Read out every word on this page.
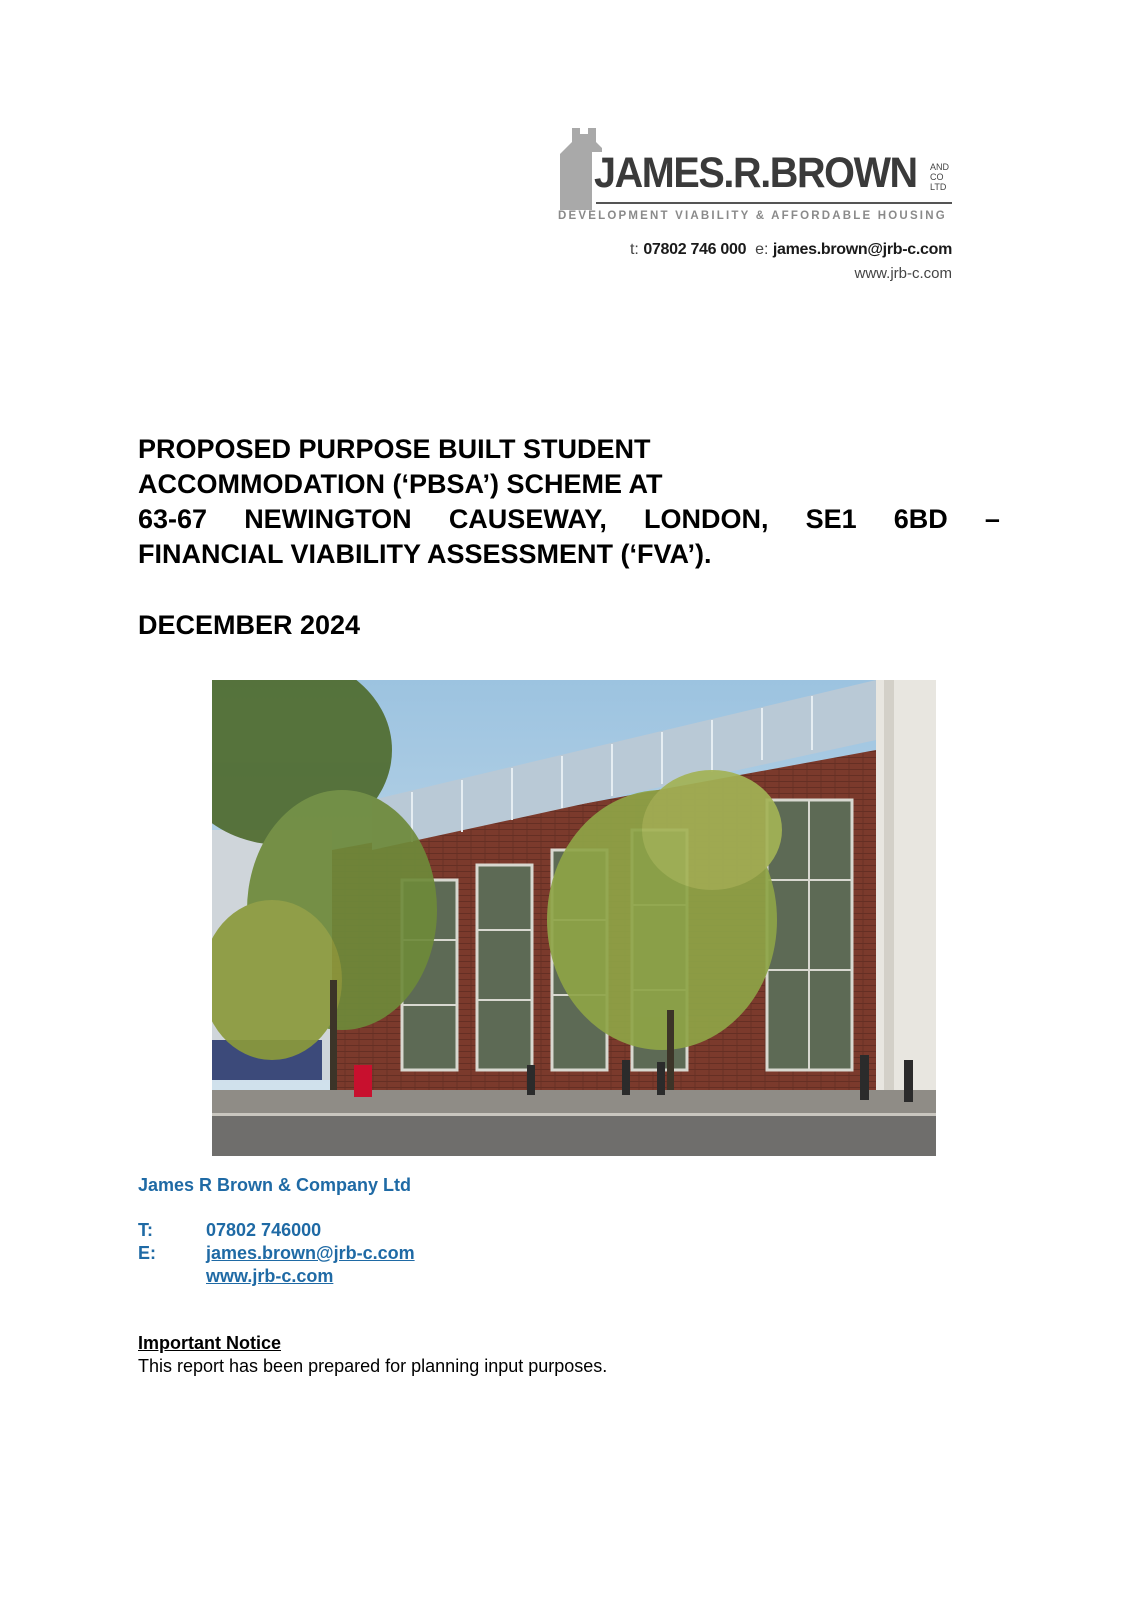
JAMES.R.BROWN AND
CO
LTD
DEVELOPMENT VIABILITY & AFFORDABLE HOUSING
t: 07802 746 000 e: james.brown@jrb-c.com
www.jrb-c.com
PROPOSED PURPOSE BUILT STUDENT
ACCOMMODATION (‘PBSA’) SCHEME AT
63-67 NEWINGTON CAUSEWAY, LONDON, SE1 6BD –
FINANCIAL VIABILITY ASSESSMENT (‘FVA’).
DECEMBER 2024
James R Brown & Company Ltd
T:	07802 746000
E:	james.brown@jrb-c.com
www.jrb-c.com
Important Notice
This report has been prepared for planning input purposes.
